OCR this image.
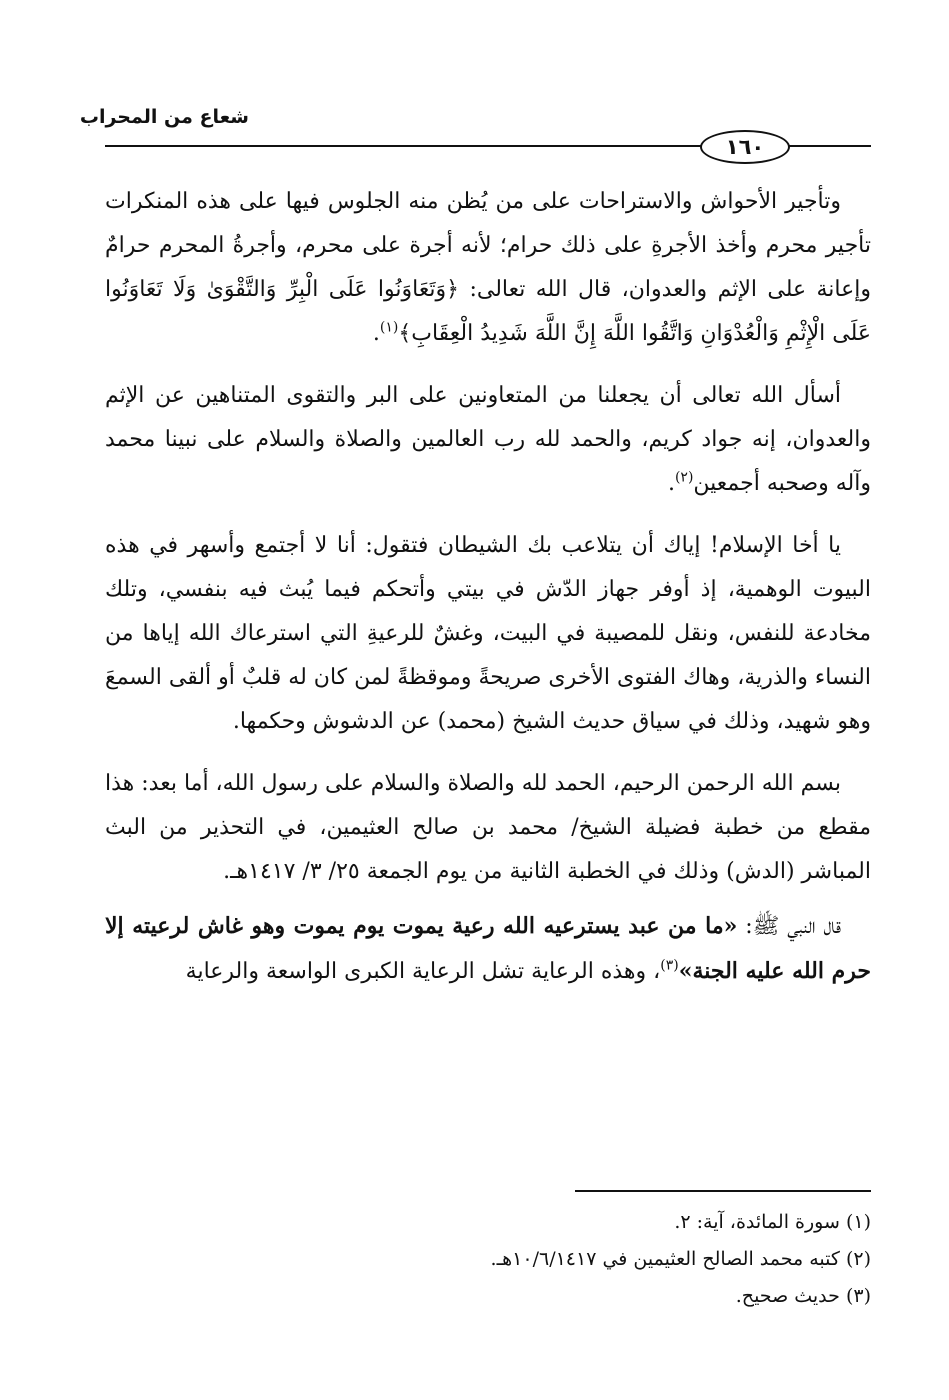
شعاع من المحراب
١٦٠

وتأجير الأحواش والاستراحات على من يُظن منه الجلوس فيها على هذه المنكرات تأجير محرم وأخذ الأجرةِ على ذلك حرام؛ لأنه أجرة على محرم، وأجرةُ المحرم حرامٌ وإعانة على الإثم والعدوان، قال الله تعالى: ﴿وَتَعَاوَنُوا عَلَى الْبِرِّ وَالتَّقْوَىٰ وَلَا تَعَاوَنُوا عَلَى الْإِثْمِ وَالْعُدْوَانِ وَاتَّقُوا اللَّهَ إِنَّ اللَّهَ شَدِيدُ الْعِقَابِ﴾$^{(١)}$.

أسأل الله تعالى أن يجعلنا من المتعاونين على البر والتقوى المتناهين عن الإثم والعدوان، إنه جواد كريم، والحمد لله رب العالمين والصلاة والسلام على نبينا محمد وآله وصحبه أجمعين$^{(٢)}$.

يا أخا الإسلام! إياك أن يتلاعب بك الشيطان فتقول: أنا لا أجتمع وأسهر في هذه البيوت الوهمية، إذ أوفر جهاز الدّش في بيتي وأتحكم فيما يُبث فيه بنفسي، وتلك مخادعة للنفس، ونقل للمصيبة في البيت، وغشٌ للرعيةِ التي استرعاك الله إياها من النساء والذرية، وهاك الفتوى الأخرى صريحةً وموقظةً لمن كان له قلبٌ أو ألقى السمعَ وهو شهيد، وذلك في سياق حديث الشيخ (محمد) عن الدشوش وحكمها.

بسم الله الرحمن الرحيم، الحمد لله والصلاة والسلام على رسول الله، أما بعد: هذا مقطع من خطبة فضيلة الشيخ/ محمد بن صالح العثيمين، في التحذير من البث المباشر (الدش) وذلك في الخطبة الثانية من يوم الجمعة ٢٥/ ٣/ ١٤١٧هـ.

قال النبي ﷺ: «ما من عبد يسترعيه الله رعية يموت يوم يموت وهو غاش لرعيته إلا حرم الله عليه الجنة»$^{(٣)}$، وهذه الرعاية تشل الرعاية الكبرى الواسعة والرعاية

(١) سورة المائدة، آية: ٢.
(٢) كتبه محمد الصالح العثيمين في ١٠/٦/١٤١٧هـ.
(٣) حديث صحيح.
